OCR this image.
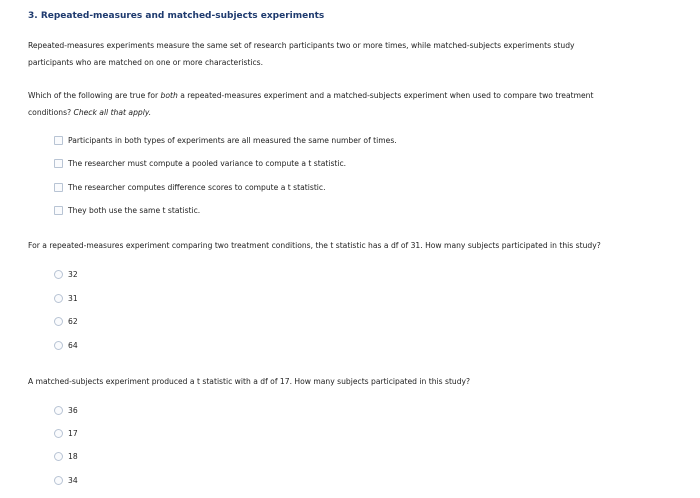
3. Repeated-measures and matched-subjects experiments
Repeated-measures experiments measure the same set of research participants two or more times, while matched-subjects experiments study
participants who are matched on one or more characteristics.
Which of the following are true for both a repeated-measures experiment and a matched-subjects experiment when used to compare two treatment
conditions? Check all that apply.
Participants in both types of experiments are all measured the same number of times.
The researcher must compute a pooled variance to compute a t statistic.
The researcher computes difference scores to compute a t statistic.
They both use the same t statistic.
For a repeated-measures experiment comparing two treatment conditions, the t statistic has a df of 31. How many subjects participated in this study?
32
31
62
64
A matched-subjects experiment produced a t statistic with a df of 17. How many subjects participated in this study?
36
17
18
34
